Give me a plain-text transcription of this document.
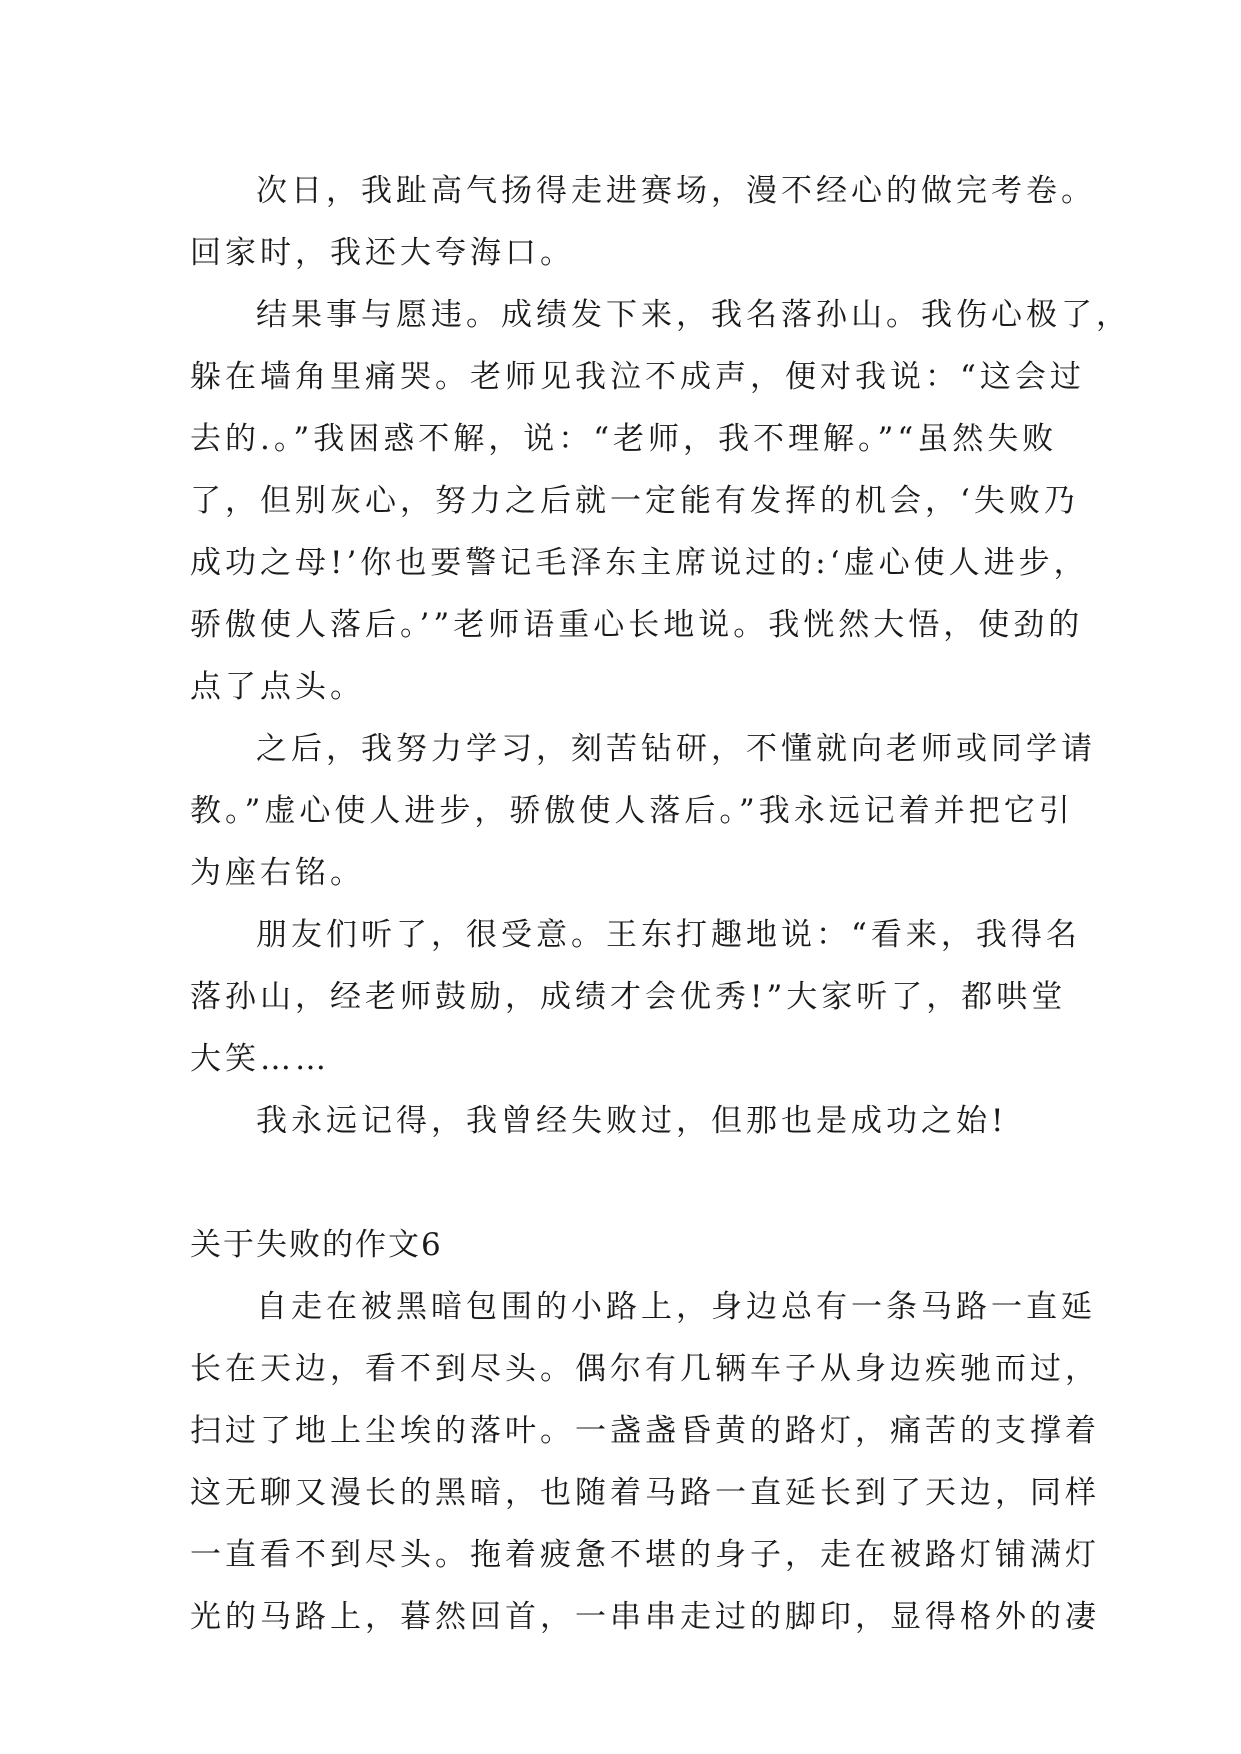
次日，我趾高气扬得走进赛场，漫不经心的做完考卷。
回家时，我还大夸海口。
结果事与愿违。成绩发下来，我名落孙山。我伤心极了，
躲在墙角里痛哭。老师见我泣不成声，便对我说：“这会过
去的.。”我困惑不解，说：“老师，我不理解。”“虽然失败
了，但别灰心，努力之后就一定能有发挥的机会，‘失败乃
成功之母!’你也要警记毛泽东主席说过的:‘虚心使人进步，
骄傲使人落后。’”老师语重心长地说。我恍然大悟，使劲的
点了点头。
之后，我努力学习，刻苦钻研，不懂就向老师或同学请
教。”虚心使人进步，骄傲使人落后。”我永远记着并把它引
为座右铭。
朋友们听了，很受意。王东打趣地说：“看来，我得名
落孙山，经老师鼓励，成绩才会优秀!”大家听了，都哄堂
大笑……
我永远记得，我曾经失败过，但那也是成功之始!
关于失败的作文6
自走在被黑暗包围的小路上，身边总有一条马路一直延
长在天边，看不到尽头。偶尔有几辆车子从身边疾驰而过，
扫过了地上尘埃的落叶。一盏盏昏黄的路灯，痛苦的支撑着
这无聊又漫长的黑暗，也随着马路一直延长到了天边，同样
一直看不到尽头。拖着疲惫不堪的身子，走在被路灯铺满灯
光的马路上，暮然回首，一串串走过的脚印，显得格外的凄
